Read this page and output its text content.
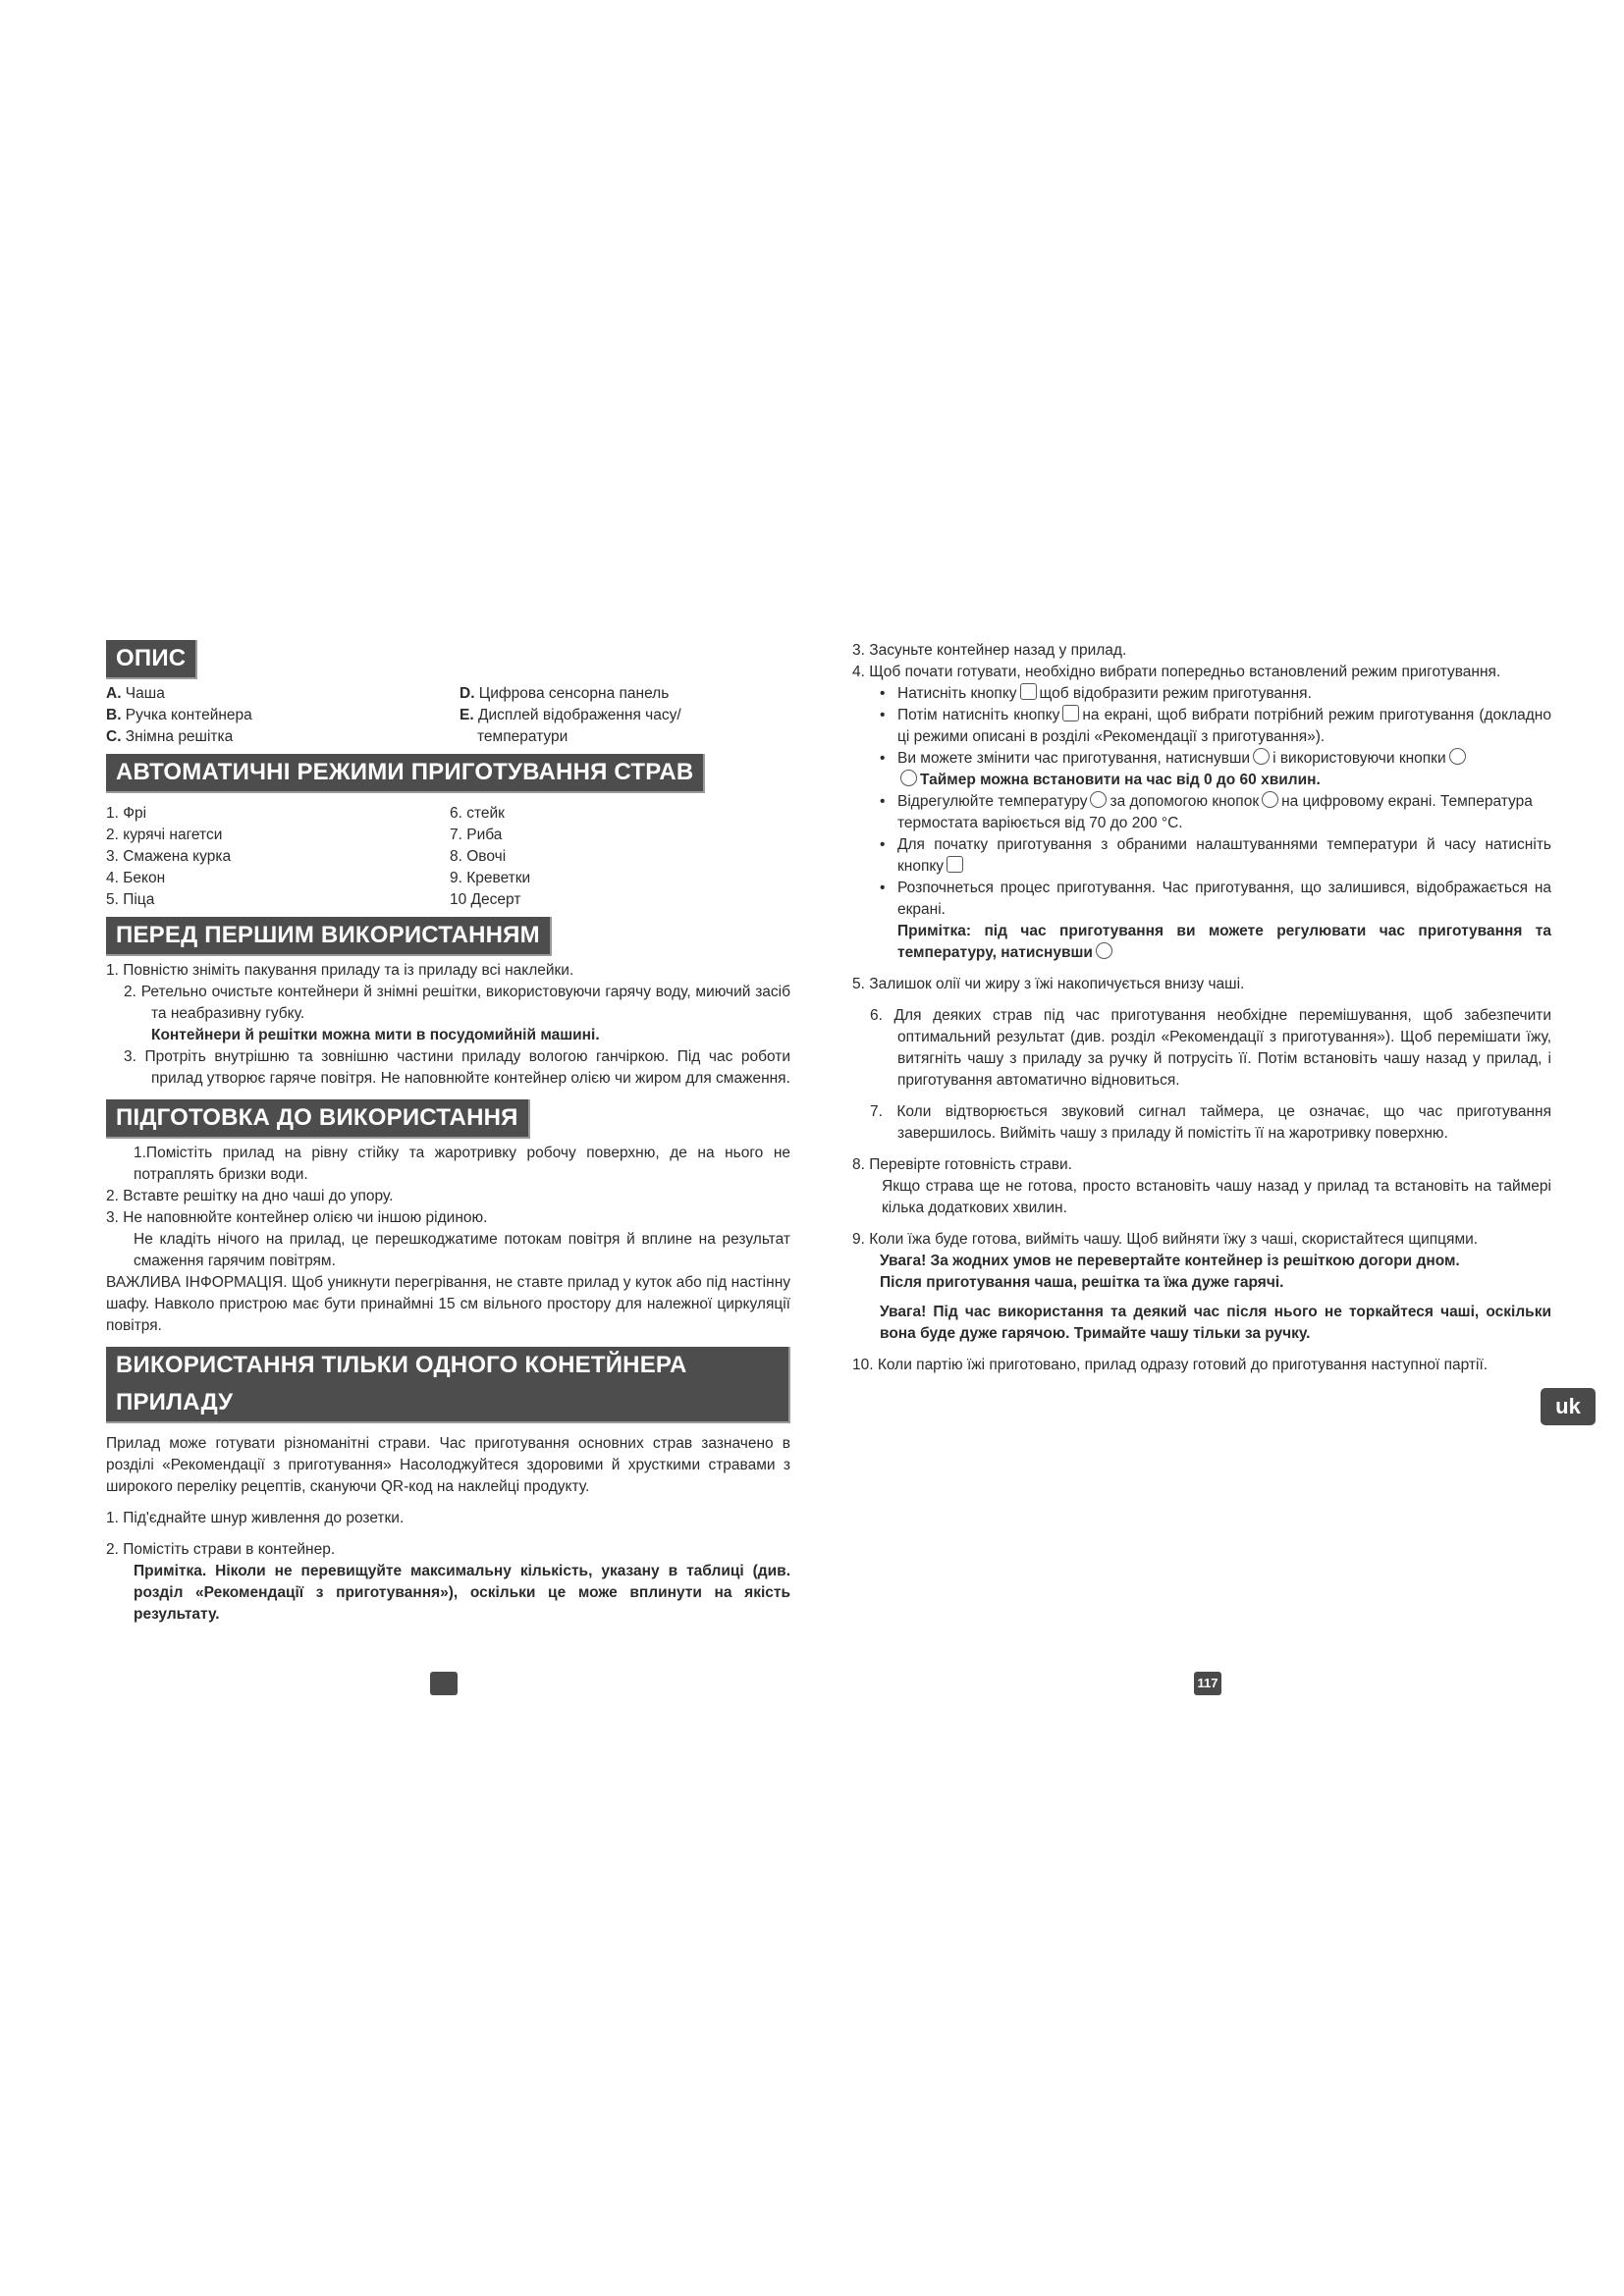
ОПИС
A. Чаша
B. Ручка контейнера
C. Знімна решітка
D. Цифрова сенсорна панель
E. Дисплей відображення часу/
температури
АВТОМАТИЧНІ РЕЖИМИ ПРИГОТУВАННЯ СТРАВ
1. Фрі
2. курячі нагетси
3. Смажена курка
4. Бекон
5. Піца
6. стейк
7. Риба
8. Овочі
9. Креветки
10 Десерт
ПЕРЕД ПЕРШИМ ВИКОРИСТАННЯМ

1. Повністю зніміть пакування приладу та із приладу всі наклейки.

2. Ретельно очистьте контейнери й знімні решітки, використовуючи гарячу воду, миючий засіб та неабразивну губку.

Контейнери й решітки можна мити в посудомийній машині.

3. Протріть внутрішню та зовнішню частини приладу вологою ганчіркою. Під час роботи прилад утворює гаряче повітря. Не наповнюйте контейнер олією чи жиром для смаження.

ПІДГОТОВКА ДО ВИКОРИСТАННЯ

1.Помістіть прилад на рівну стійку та жаротривку робочу поверхню, де на нього не потраплять бризки води.

2. Вставте решітку на дно чаші до упору.

3. Не наповнюйте контейнер олією чи іншою рідиною.

Не кладіть нічого на прилад, це перешкоджатиме потокам повітря й вплине на результат смаження гарячим повітрям.

ВАЖЛИВА ІНФОРМАЦІЯ. Щоб уникнути перегрівання, не ставте прилад у куток або під настінну шафу. Навколо пристрою має бути принаймні 15 см вільного простору для належної циркуляції повітря.

ВИКОРИСТАННЯ ТІЛЬКИ ОДНОГО КОНЕТЙНЕРА ПРИЛАДУ

Прилад може готувати різноманітні страви. Час приготування основних страв зазначено в розділі «Рекомендації з приготування» Насолоджуйтеся здоровими й хрусткими стравами з широкого переліку рецептів, скануючи QR-код на наклейці продукту.

1. Під'єднайте шнур живлення до розетки.

2. Помістіть страви в контейнер.

Примітка. Ніколи не перевищуйте максимальну кількість, указану в таблиці (див. розділ «Рекомендації з приготування»), оскільки це може вплинути на якість результату.

3. Засуньте контейнер назад у прилад.

4. Щоб почати готувати, необхідно вибрати попередньо встановлений режим приготування.

• Натисніть кнопку щоб відобразити режим приготування.
• Потім натисніть кнопку на екрані, щоб вибрати потрібний режим приготування (докладно ці режими описані в розділі «Рекомендації з приготування»).
• Ви можете змінити час приготування, натиснувши і використовуючи кнопки
Таймер можна встановити на час від 0 до 60 хвилин.
• Відрегулюйте температуру за допомогою кнопок на цифровому екрані. Температура термостата варіюється від 70 до 200 °C.
• Для початку приготування з обраними налаштуваннями температури й часу натисніть кнопку
• Розпочнеться процес приготування. Час приготування, що залишився, відображається на екрані.

Примітка: під час приготування ви можете регулювати час приготування та температуру, натиснувши

5. Залишок олії чи жиру з їжі накопичується внизу чаші.

6. Для деяких страв під час приготування необхідне перемішування, щоб забезпечити оптимальний результат (див. розділ «Рекомендації з приготування»). Щоб перемішати їжу, витягніть чашу з приладу за ручку й потрусіть її. Потім встановіть чашу назад у прилад, і приготування автоматично відновиться.

7. Коли відтворюється звуковий сигнал таймера, це означає, що час приготування завершилось. Вийміть чашу з приладу й помістіть її на жаротривку поверхню.

8. Перевірте готовність страви.

Якщо страва ще не готова, просто встановіть чашу назад у прилад та встановіть на таймері кілька додаткових хвилин.

9. Коли їжа буде готова, вийміть чашу. Щоб вийняти їжу з чаші, скористайтеся щипцями.

Увага! За жодних умов не перевертайте контейнер із решіткою догори дном.

Після приготування чаша, решітка та їжа дуже гарячі.

Увага! Під час використання та деякий час після нього не торкайтеся чаші, оскільки вона буде дуже гарячою. Тримайте чашу тільки за ручку.

10. Коли партію їжі приготовано, прилад одразу готовий до приготування наступної партії.

uk
117
